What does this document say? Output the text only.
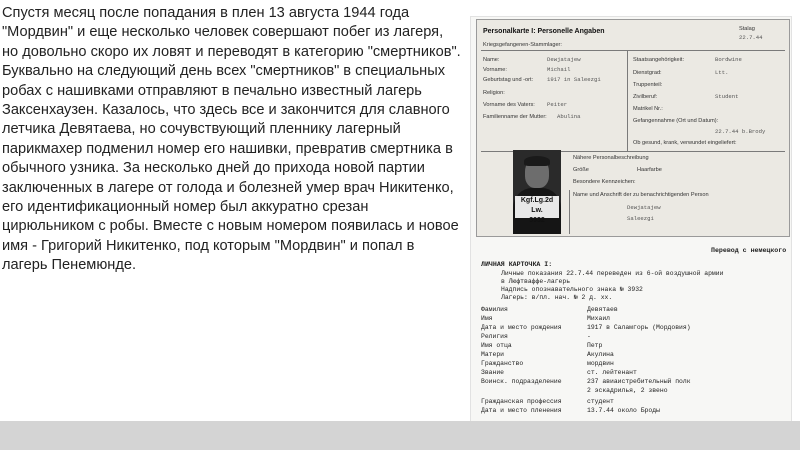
Спустя месяц после попадания в плен 13 августа 1944 года "Мордвин" и еще несколько человек совершают побег из лагеря, но довольно скоро их ловят и переводят в категорию "смертников". Буквально на следующий день всех "смертников" в специальных робах с нашивками отправляют в печально известный лагерь Заксенхаузен. Казалось, что здесь все и закончится для славного летчика Девятаева, но сочувствующий пленнику лагерный парикмахер подменил номер его нашивки, превратив смертника в обычного узника. За несколько дней до прихода новой партии заключенных в лагере от голода и болезней умер врач Никитенко, его идентификационный номер был аккуратно срезан цирюльником с робы. Вместе с новым номером появилась и новое имя - Григорий Никитенко, под которым "Мордвин" и попал в лагерь Пенемюнде.

Personalkarte I: Personelle Angaben
Kriegsgefangenen-Stammlager:
Name:	Dewjatajew
Vorname:	Michail
Geburtstag und -ort: 1917 in Saleezgi
Religion:
Vorname des Vaters: Peiter
Familienname der Mutter: Abulina
Staatsangehörigkeit:	Bordwine
Dienstgrad:	Ltt.
Truppenteil:
Zivilberuf:	Student
Matrikel Nr.:
Gefangennahme (Ort und Datum):
22.7.44 b.Brody
Ob gesund, krank, verwundet eingeliefert:
Nähere Personalbeschreibung
Größe	Haarfarbe
Besondere Kennzeichen:
Name und Anschrift der zu benachrichtigenden Person
Dewjatajew
Saleezgi
Kgf.Lg.2d Lw.
3932
Stalag
22.7.44
Перевод с немецкого
ЛИЧНАЯ КАРТОЧКА I:
Личные показания 22.7.44 переведен из 6-ой воздушной армии
в Люфтваффе-лагерь
Надпись опознавательного знака № 3932
Лагерь: в/пл. нач. № 2 д. хх.
Фамилия	Девятаев
Имя	Михаил
Дата и место рождения	1917 в Саламгорь (Мордовия)
Религия	-
Имя отца	Петр
Матери	Акулина
Гражданство	мордвин
Звание	ст. лейтенант
Воинск. подразделение	237 авиаистребительный полк
2 эскадрилья, 2 звено
Гражданская профессия	студент
Дата и место пленения	13.7.44 около Броды
